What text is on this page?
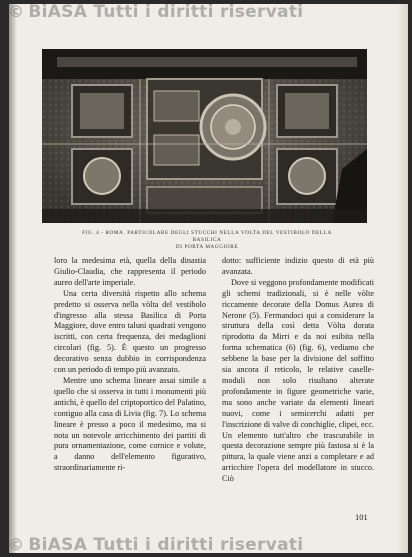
© BiASA Tutti i diritti riservati
FIG. 4 - ROMA. PARTICOLARE DEGLI STUCCHI NELLA VOLTA DEL VESTIBOLO DELLA BASILICA
DI PORTA MAGGIORE

loro la medesima età, quella della dinastia Giulio-Claudia, che rappresenta il periodo aureo dell'arte imperiale.

Una certa diversità rispetto allo schema predetto si osserva nella vòlta del vestibolo d'ingresso alla stessa Basilica di Porta Maggiore, dove entro taluni quadrati vengono iscritti, con certa frequenza, dei medaglioni circolari (fig. 5). È questo un progresso decorativo senza dubbio in corrispondenza con un periodo di tempo più avanzato.

Mentre uno schema lineare assai simile a quello che si osserva in tutti i monumenti più antichi, è quello del criptoportico del Palatino, contiguo alla casa di Livia (fig. 7). Lo schema lineare è presso a poco il medesimo, ma si nota un notevole arricchimento dei partiti di pura ornamentazione, come cornice e volute, a danno dell'elemento figurativo, straordinariamente ri-

dotto: sufficiente indizio questo di età più avanzata.

Dove si veggono profondamente modificati gli schemi tradizionali, si è nelle vòlte riccamente decorate della Domus Aurea di Nerone (5). Fermandoci qui a considerare la struttura della così detta Vòlta dorata riprodotta da Mirri e da noi esibita nella forma schematica (6) (fig. 6), vediamo che sebbene la base per la divisione del soffitto sia ancora il reticolo, le relative caselle-moduli non solo risultano alterate profondamente in figure geometriche varie, ma sono anche variate da elementi lineari nuovi, come i semicerchi adatti per l'inscrizione di valve di conchiglie, clipei, ecc. Un elemento tutt'altro che trascurabile in questa decorazione sempre più fastosa si è la pittura, la quale viene anzi a completare e ad arricchire l'opera del modellatore in stucco. Ciò

101
© BiASA Tutti i diritti riservati
